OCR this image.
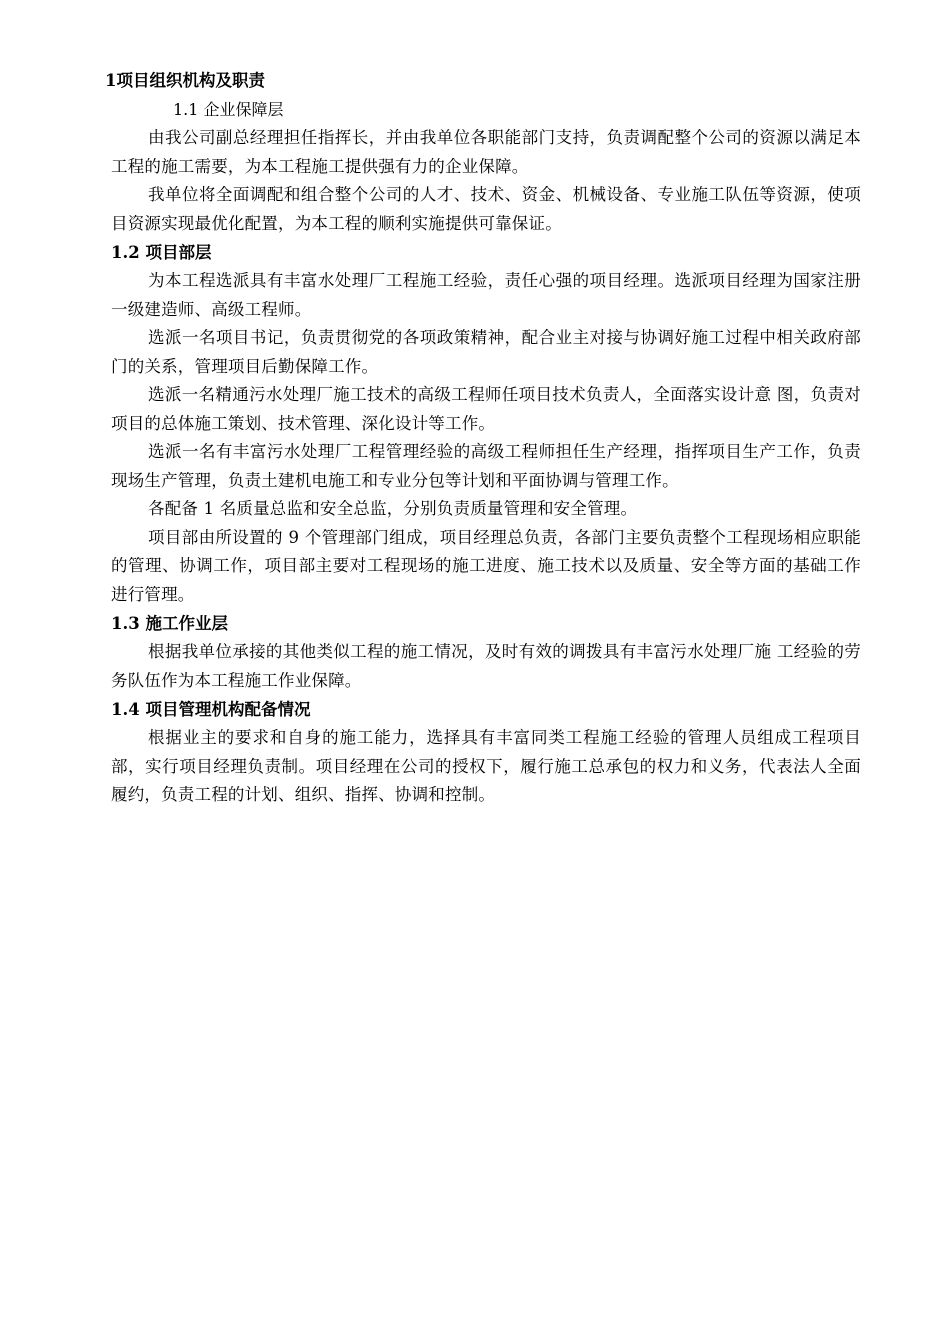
1项目组织机构及职责

1.1 企业保障层

由我公司副总经理担任指挥长，并由我单位各职能部门支持，负责调配整个公司的资源以满足本工程的施工需要，为本工程施工提供强有力的企业保障。

我单位将全面调配和组合整个公司的人才、技术、资金、机械设备、专业施工队伍等资源，使项目资源实现最优化配置，为本工程的顺利实施提供可靠保证。

1.2 项目部层

为本工程选派具有丰富水处理厂工程施工经验，责任心强的项目经理。选派项目经理为国家注册一级建造师、高级工程师。

选派一名项目书记，负责贯彻党的各项政策精神，配合业主对接与协调好施工过程中相关政府部门的关系，管理项目后勤保障工作。

选派一名精通污水处理厂施工技术的高级工程师任项目技术负责人，全面落实设计意 图，负责对项目的总体施工策划、技术管理、深化设计等工作。

选派一名有丰富污水处理厂工程管理经验的高级工程师担任生产经理，指挥项目生产工作，负责现场生产管理，负责土建机电施工和专业分包等计划和平面协调与管理工作。

各配备 1 名质量总监和安全总监，分别负责质量管理和安全管理。

项目部由所设置的 9 个管理部门组成，项目经理总负责，各部门主要负责整个工程现场相应职能的管理、协调工作，项目部主要对工程现场的施工进度、施工技术以及质量、安全等方面的基础工作进行管理。

1.3 施工作业层

根据我单位承接的其他类似工程的施工情况，及时有效的调拨具有丰富污水处理厂施 工经验的劳务队伍作为本工程施工作业保障。

1.4 项目管理机构配备情况

根据业主的要求和自身的施工能力，选择具有丰富同类工程施工经验的管理人员组成工程项目部，实行项目经理负责制。项目经理在公司的授权下，履行施工总承包的权力和义务，代表法人全面履约，负责工程的计划、组织、指挥、协调和控制。
